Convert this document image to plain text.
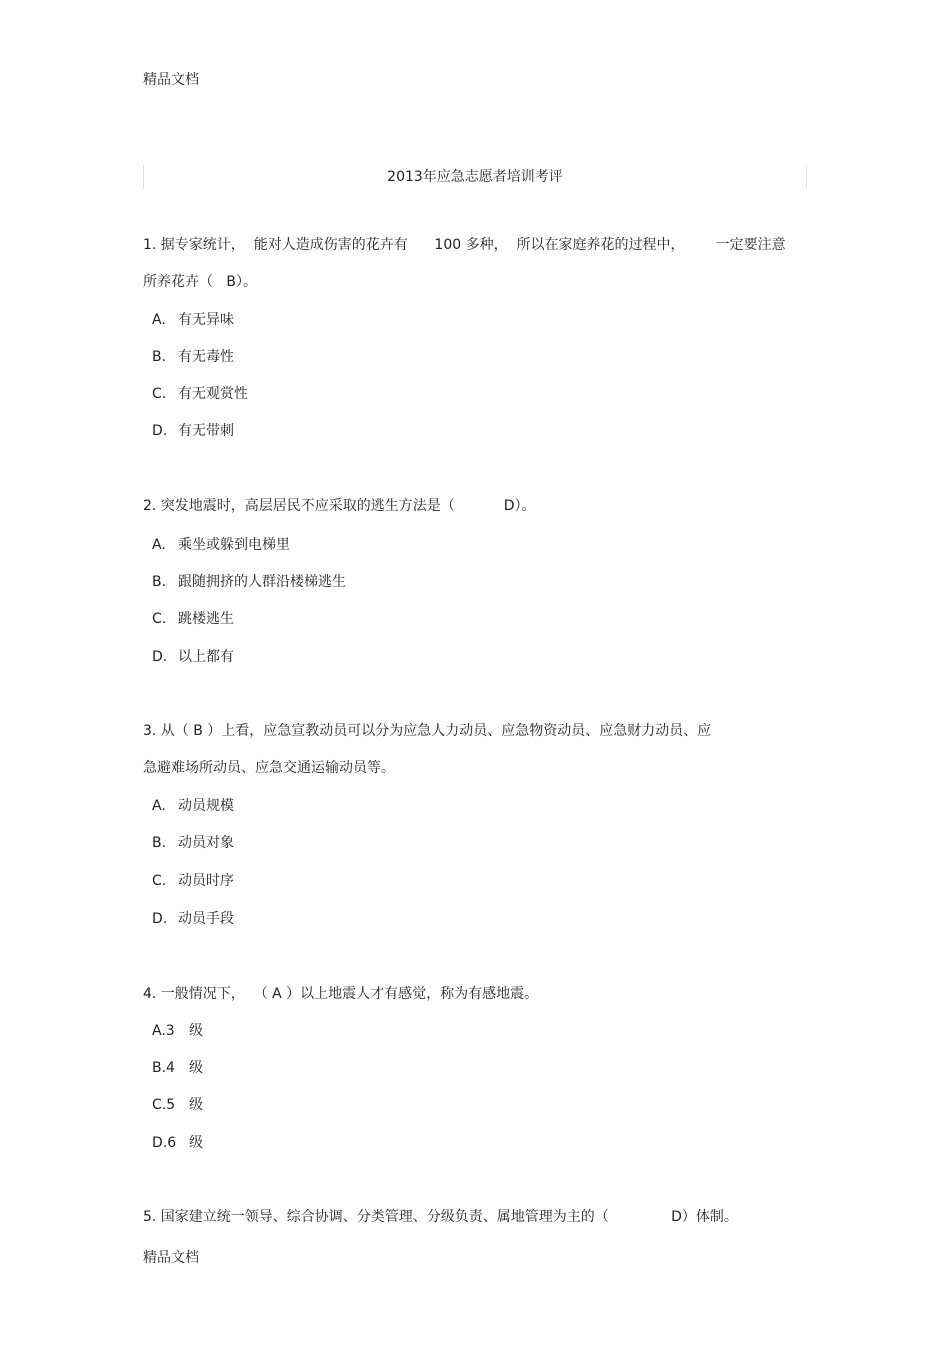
精品文档
2013年应急志愿者培训考评
1. 据专家统计，  能对人造成伤害的花卉有      100 多种，  所以在家庭养花的过程中，       一定要注意
所养花卉（   B）。
A. 有无异味
B. 有无毒性
C. 有无观赏性
D. 有无带刺
2. 突发地震时，高层居民不应采取的逃生方法是（           D）。
A. 乘坐或躲到电梯里
B. 跟随拥挤的人群沿楼梯逃生
C. 跳楼逃生
D. 以上都有
3. 从（ B ）上看，应急宣教动员可以分为应急人力动员、应急物资动员、应急财力动员、应
急避难场所动员、应急交通运输动员等。
A. 动员规模
B. 动员对象
C. 动员时序
D. 动员手段
4. 一般情况下，  （ A ）以上地震人才有感觉，称为有感地震。
A.3 级
B.4 级
C.5 级
D.6 级
5. 国家建立统一领导、综合协调、分类管理、分级负责、属地管理为主的（              D）体制。
精品文档
